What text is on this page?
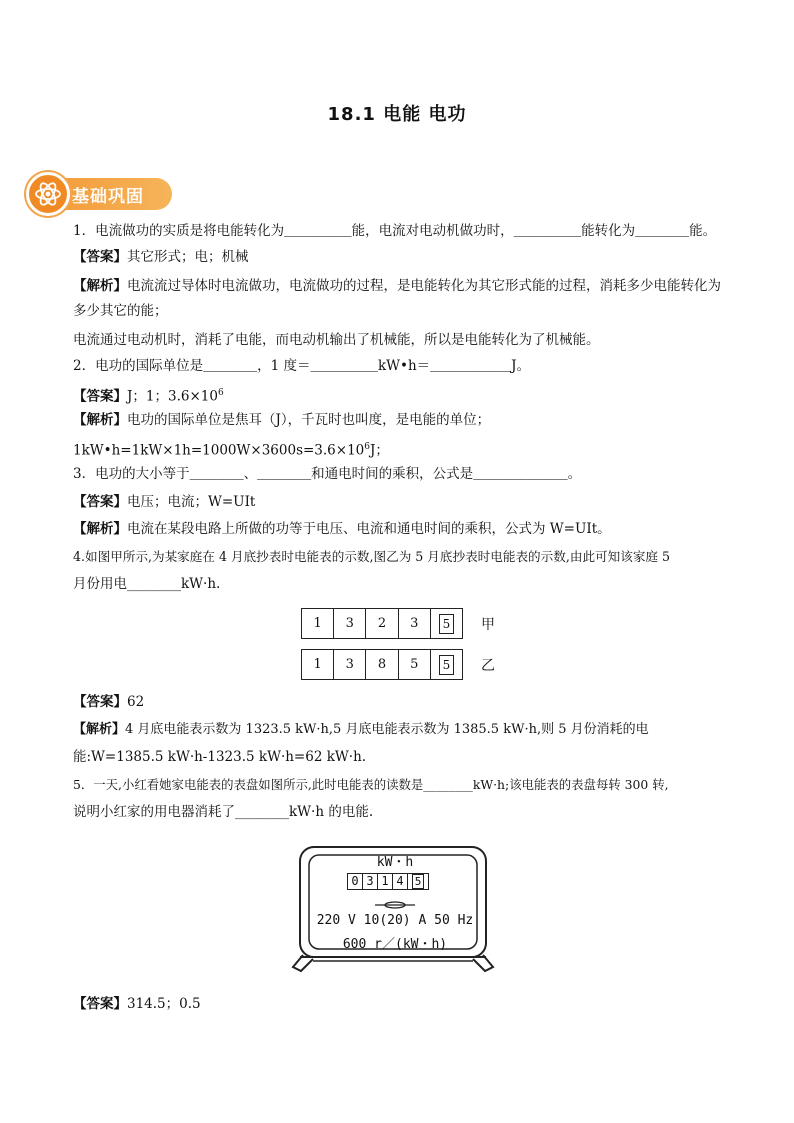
18.1 电能 电功
基础巩固
1．电流做功的实质是将电能转化为＿＿＿＿＿能，电流对电动机做功时，＿＿＿＿＿能转化为＿＿＿＿能。
【答案】其它形式；电；机械
【解析】电流流过导体时电流做功，电流做功的过程，是电能转化为其它形式能的过程，消耗多少电能转化为多少其它的能；
电流通过电动机时，消耗了电能，而电动机输出了机械能，所以是电能转化为了机械能。
2．电功的国际单位是＿＿＿＿，1 度＝＿＿＿＿＿kW•h＝＿＿＿＿＿＿J。
【答案】J；1；$3.6\times 10^6$
【解析】电功的国际单位是焦耳（J），千瓦时也叫度，是电能的单位；
$1kW•h=1kW\times 1h=1000W\times 3600s=3.6\times 10^6J$；
3．电功的大小等于＿＿＿＿、＿＿＿＿和通电时间的乘积，公式是＿＿＿＿＿＿＿。
【答案】电压；电流；W=UIt
【解析】电流在某段电路上所做的功等于电压、电流和通电时间的乘积，公式为 W=UIt。
4.如图甲所示,为某家庭在 4 月底抄表时电能表的示数,图乙为 5 月底抄表时电能表的示数,由此可知该家庭 5
月份用电________kW·h.
1	3	2	3	5 甲
1	3	8	5	5 乙
【答案】62
【解析】4 月底电能表示数为 1323.5 kW·h,5 月底电能表示数为 1385.5 kW·h,则 5 月份消耗的电
能:W=1385.5 kW·h-1323.5 kW·h=62 kW·h.
5．一天,小红看她家电能表的表盘如图所示,此时电能表的读数是________kW·h;该电能表的表盘每转 300 转,
说明小红家的用电器消耗了________kW·h 的电能.
kW・h
0 3 1 4	5
220 V 10(20) A 50 Hz
600 r／(kW・h)
【答案】314.5；0.5
